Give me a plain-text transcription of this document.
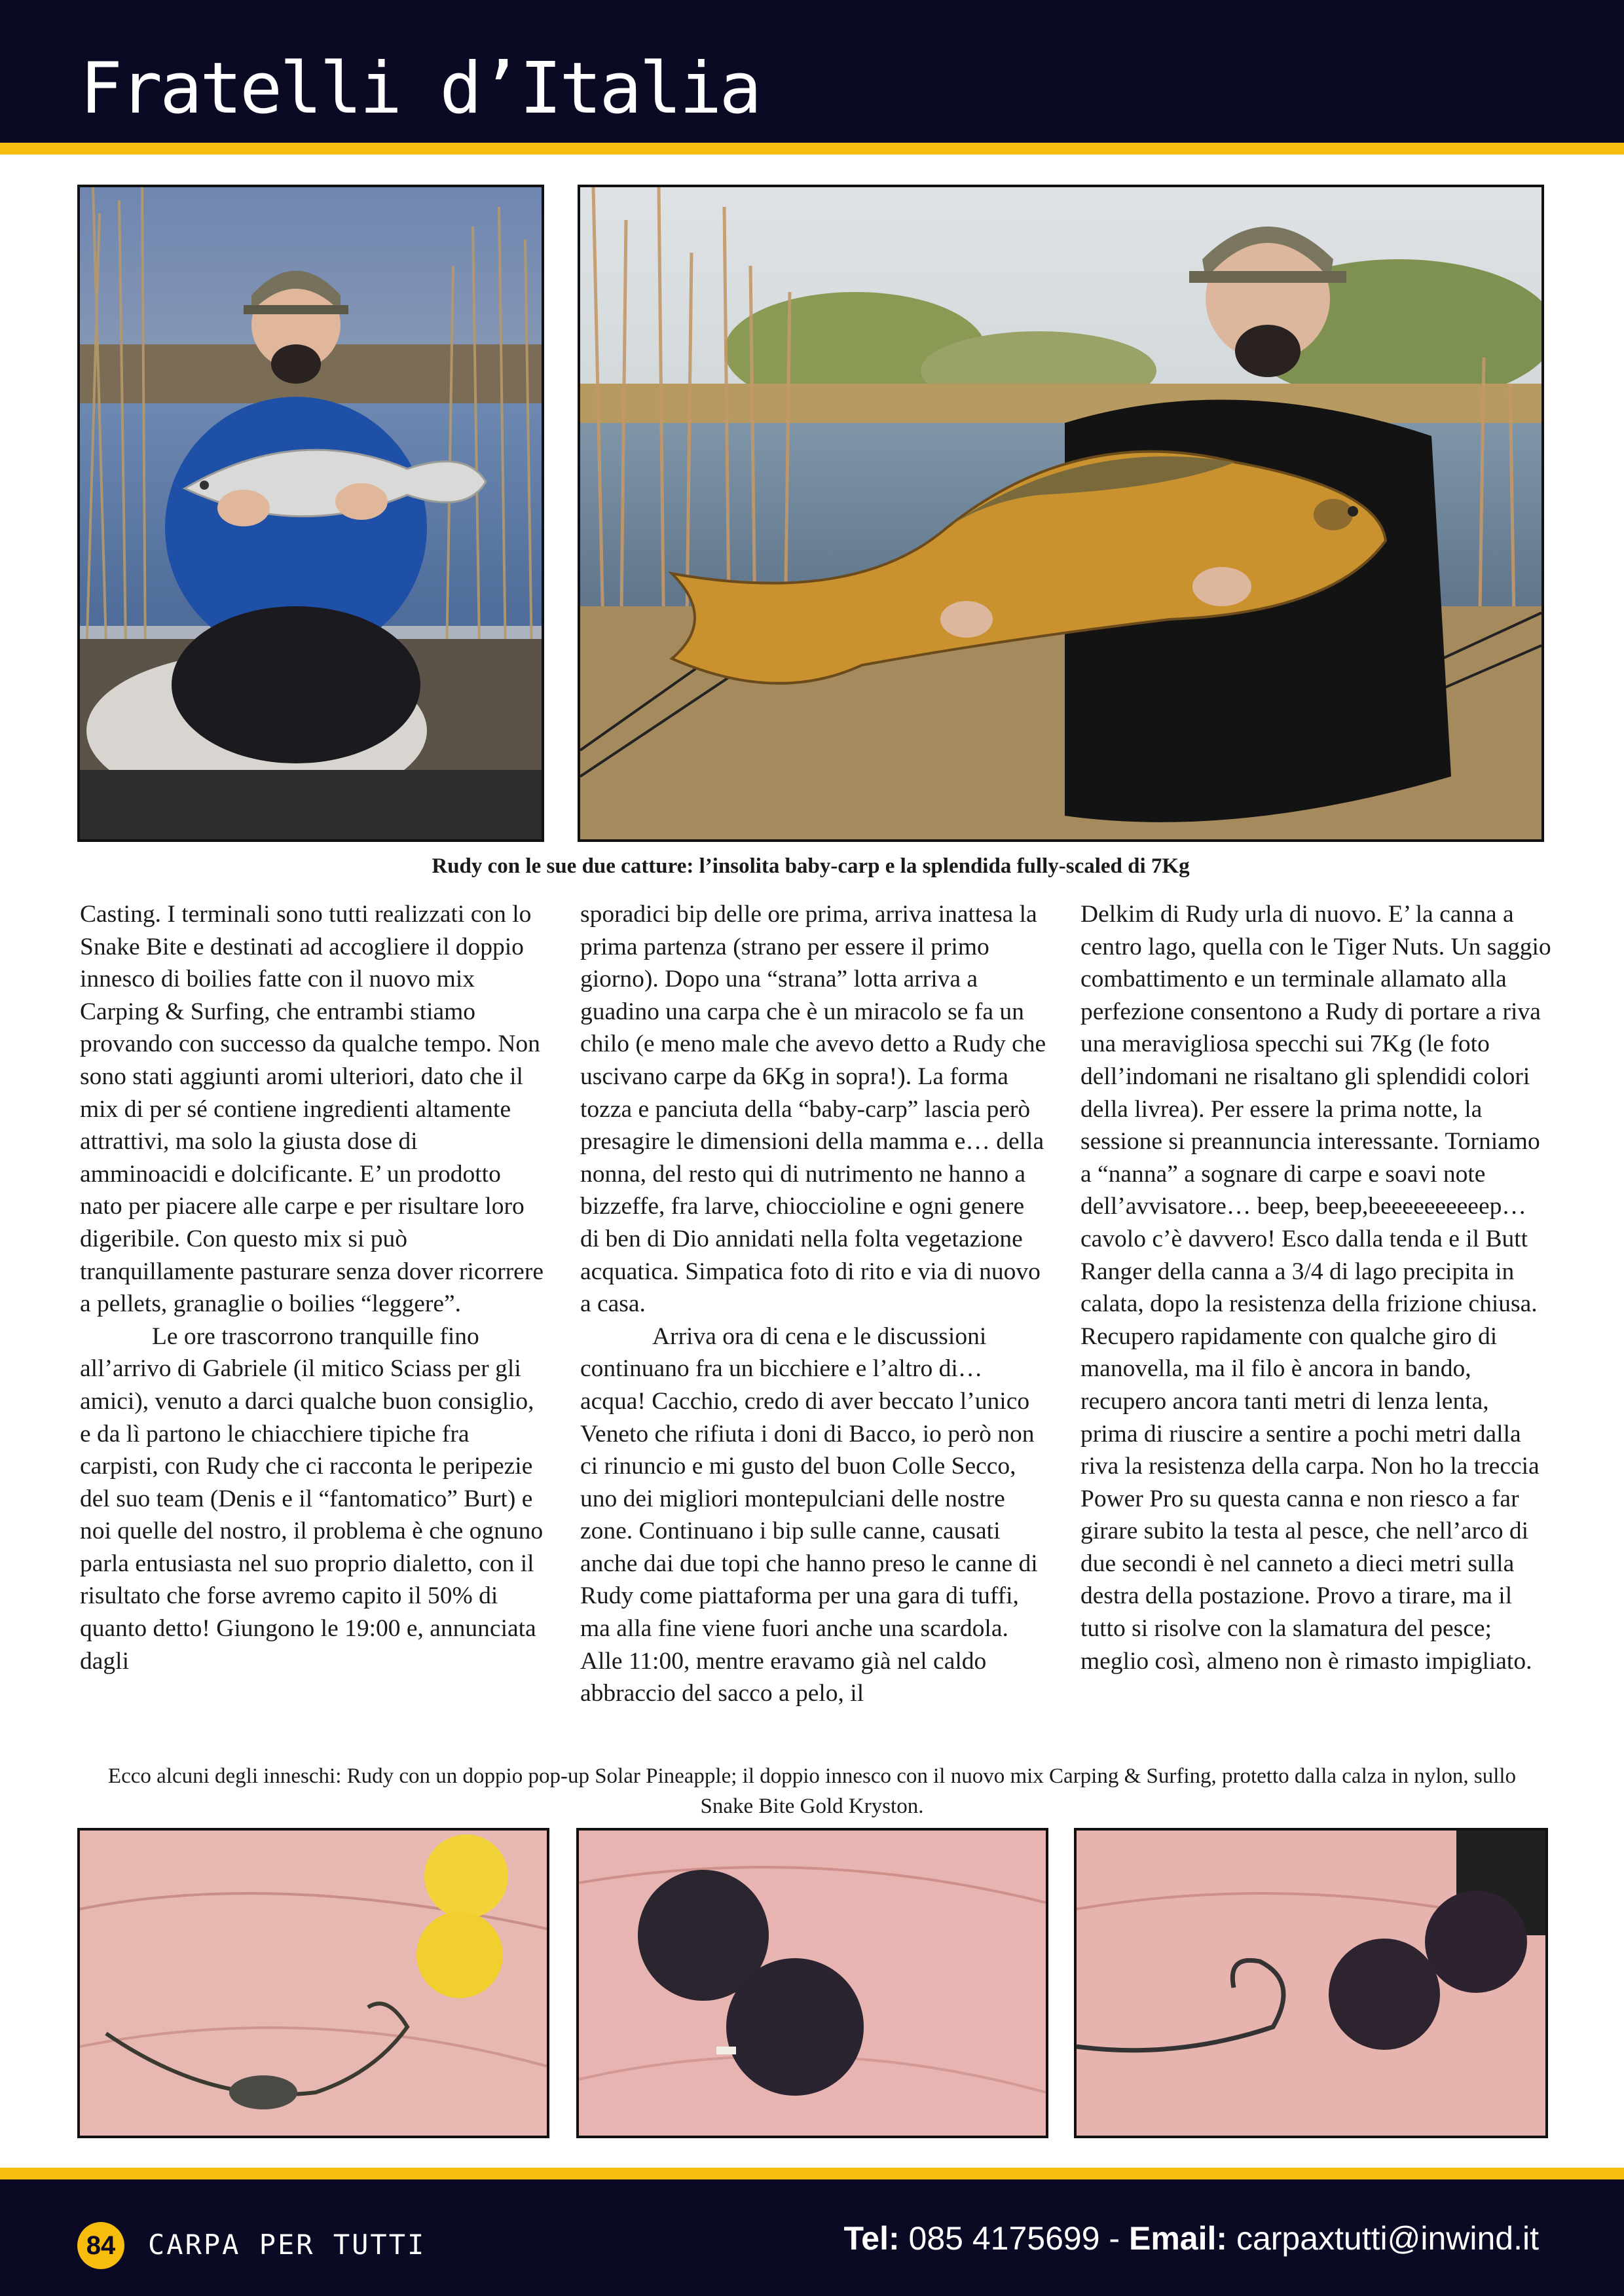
Fratelli d’Italia
Rudy con le sue due catture: l’insolita baby-carp e la splendida fully-scaled di 7Kg

Casting. I terminali sono tutti realizzati con lo Snake Bite e destinati ad accogliere il doppio innesco di boilies fatte con il nuovo mix Carping & Surfing, che entrambi stiamo provando con successo da qualche tempo. Non sono stati aggiunti aromi ulteriori, dato che il mix di per sé contiene ingredienti altamente attrattivi, ma solo la giusta dose di amminoacidi e dolcificante. E’ un prodotto nato per piacere alle carpe e per risultare loro digeribile. Con questo mix si può tranquillamente pasturare senza dover ricorrere a pellets, granaglie o boilies “leggere”.

Le ore trascorrono tranquille fino all’arrivo di Gabriele (il mitico Sciass per gli amici), venuto a darci qualche buon consiglio, e da lì partono le chiacchiere tipiche fra carpisti, con Rudy che ci racconta le peripezie del suo team (Denis e il “fantomatico” Burt) e noi quelle del nostro, il problema è che ognuno parla entusiasta nel suo proprio dialetto, con il risultato che forse avremo capito il 50% di quanto detto! Giungono le 19:00 e, annunciata dagli

sporadici bip delle ore prima, arriva inattesa la prima partenza (strano per essere il primo giorno). Dopo una “strana” lotta arriva a guadino una carpa che è un miracolo se fa un chilo (e meno male che avevo detto a Rudy che uscivano carpe da 6Kg in sopra!). La forma tozza e panciuta della “baby-carp” lascia però presagire le dimensioni della mamma e… della nonna, del resto qui di nutrimento ne hanno a bizzeffe, fra larve, chioccioline e ogni genere di ben di Dio annidati nella folta vegetazione acquatica. Simpatica foto di rito e via di nuovo a casa.

Arriva ora di cena e le discussioni continuano fra un bicchiere e l’altro di… acqua! Cacchio, credo di aver beccato l’unico Veneto che rifiuta i doni di Bacco, io però non ci rinuncio e mi gusto del buon Colle Secco, uno dei migliori montepulciani delle nostre zone. Continuano i bip sulle canne, causati anche dai due topi che hanno preso le canne di Rudy come piattaforma per una gara di tuffi, ma alla fine viene fuori anche una scardola. Alle 11:00, mentre eravamo già nel caldo abbraccio del sacco a pelo, il

Delkim di Rudy urla di nuovo. E’ la canna a centro lago, quella con le Tiger Nuts. Un saggio combattimento e un terminale allamato alla perfezione consentono a Rudy di portare a riva una meravigliosa specchi sui 7Kg (le foto dell’indomani ne risaltano gli splendidi colori della livrea). Per essere la prima notte, la sessione si preannuncia interessante. Torniamo a “nanna” a sognare di carpe e soavi note dell’avvisatore… beep, beep,beeeeeeeeeep… cavolo c’è davvero! Esco dalla tenda e il Butt Ranger della canna a 3/4 di lago precipita in calata, dopo la resistenza della frizione chiusa. Recupero rapidamente con qualche giro di manovella, ma il filo è ancora in bando, recupero ancora tanti metri di lenza lenta, prima di riuscire a sentire a pochi metri dalla riva la resistenza della carpa. Non ho la treccia Power Pro su questa canna e non riesco a far girare subito la testa al pesce, che nell’arco di due secondi è nel canneto a dieci metri sulla destra della postazione. Provo a tirare, ma il tutto si risolve con la slamatura del pesce; meglio così, almeno non è rimasto impigliato.

Ecco alcuni degli inneschi: Rudy con un doppio pop-up Solar Pineapple; il doppio innesco con il nuovo mix Carping & Surfing, protetto dalla calza in nylon, sullo Snake Bite Gold Kryston.
84	CARPA PER TUTTI	Tel: 085 4175699 - Email: carpaxtutti@inwind.it
